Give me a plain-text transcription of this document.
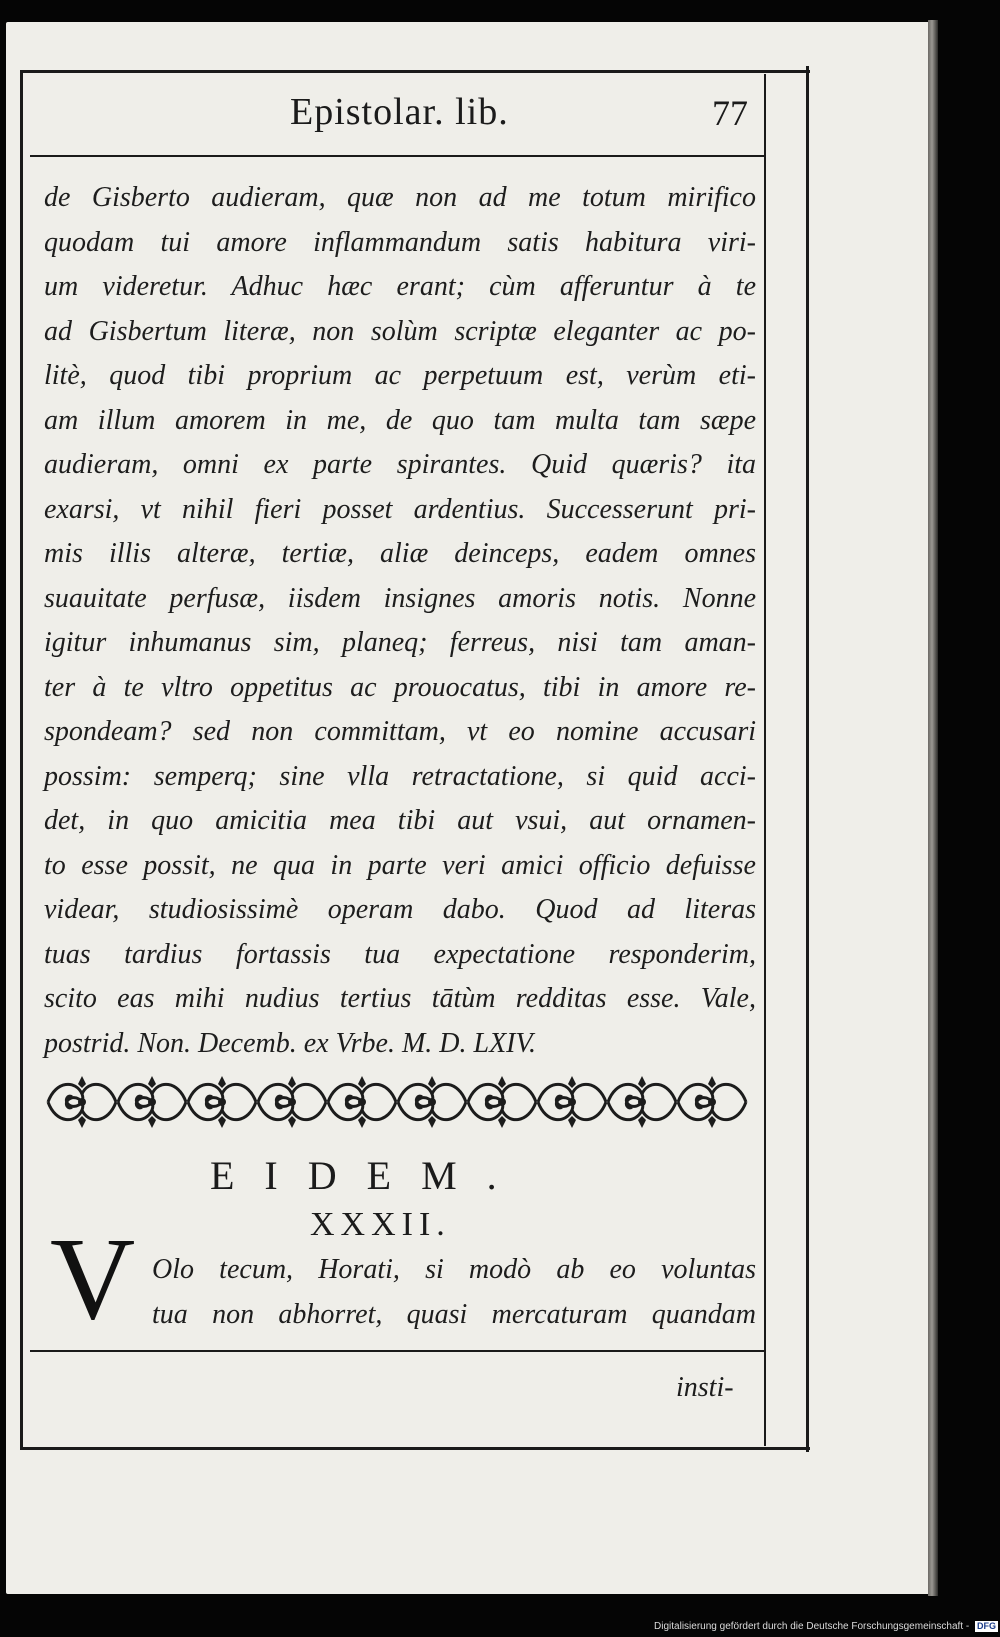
Epistolar. lib.	77
de Gisberto audieram, quæ non ad me totum mirifico
quodam tui amore inflammandum satis habitura viri-
um videretur. Adhuc hæc erant; cùm afferuntur à te
ad Gisbertum literæ, non solùm scriptæ eleganter ac po-
litè, quod tibi proprium ac perpetuum est, verùm eti-
am illum amorem in me, de quo tam multa tam sæpe
audieram, omni ex parte spirantes. Quid quæris? ita
exarsi, vt nihil fieri posset ardentius. Successerunt pri-
mis illis alteræ, tertiæ, aliæ deinceps, eadem omnes
suauitate perfusæ, iisdem insignes amoris notis. Nonne
igitur inhumanus sim, planeq; ferreus, nisi tam aman-
ter à te vltro oppetitus ac prouocatus, tibi in amore re-
spondeam? sed non committam, vt eo nomine accusari
possim: semperq; sine vlla retractatione, si quid acci-
det, in quo amicitia mea tibi aut vsui, aut ornamen-
to esse possit, ne qua in parte veri amici officio defuisse
videar, studiosissimè operam dabo. Quod ad literas
tuas tardius fortassis tua expectatione responderim,
scito eas mihi nudius tertius tātùm redditas esse. Vale,
postrid. Non. Decemb. ex Vrbe. M. D. LXIV.
EIDEM.
XXXII.
V Olo tecum, Horati, si modò ab eo voluntas
tua non abhorret, quasi mercaturam quandam
insti-
Digitalisierung gefördert durch die Deutsche Forschungsgemeinschaft - DFG
